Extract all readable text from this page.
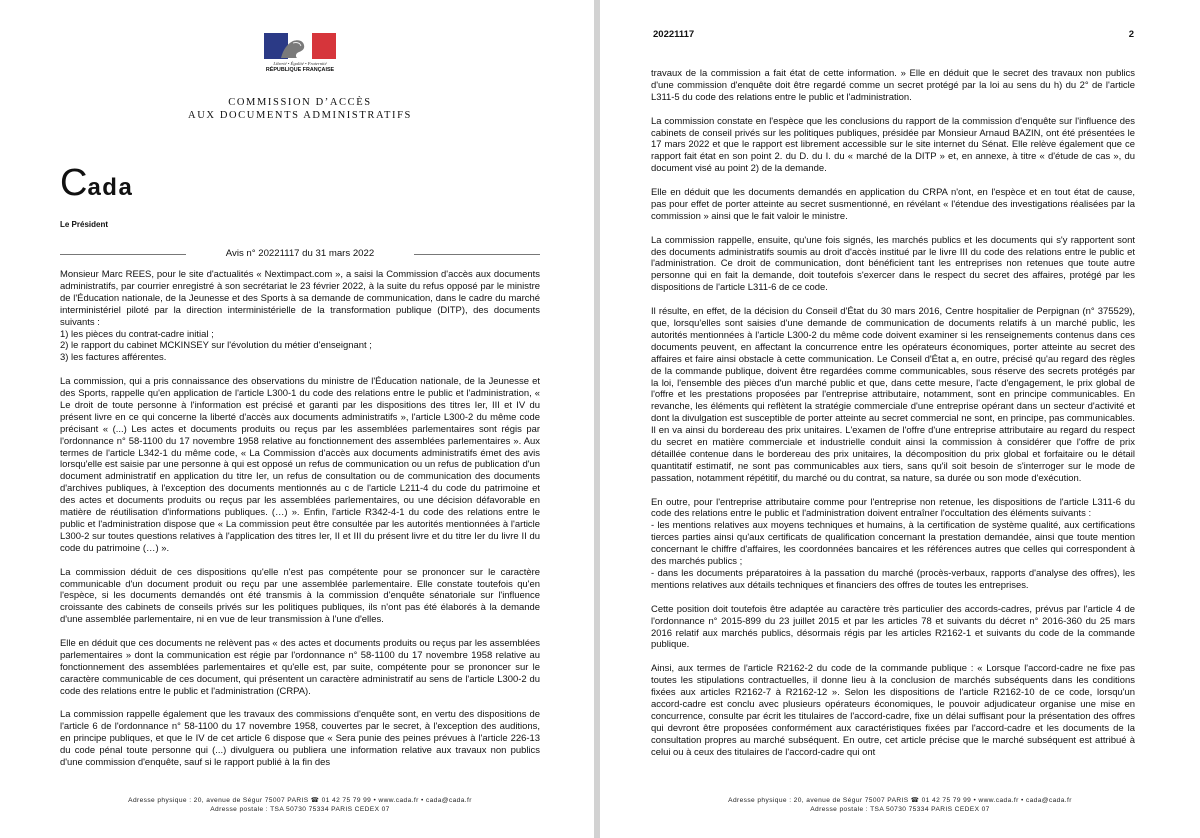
Liberté • Égalité • Fraternité
RÉPUBLIQUE FRANÇAISE
COMMISSION D’ACCÈS
AUX DOCUMENTS ADMINISTRATIFS
Cada
Le Président
Avis n° 20221117 du 31 mars 2022

Monsieur Marc REES, pour le site d'actualités « Nextimpact.com », a saisi la Commission d'accès aux documents administratifs, par courrier enregistré à son secrétariat le 23 février 2022, à la suite du refus opposé par le ministre de l'Éducation nationale, de la Jeunesse et des Sports à sa demande de communication, dans le cadre du marché interministériel piloté par la direction interministérielle de la transformation publique (DITP), des documents suivants :

1) les pièces du contrat-cadre initial ;

2) le rapport du cabinet MCKINSEY sur l'évolution du métier d'enseignant ;

3) les factures afférentes.

La commission, qui a pris connaissance des observations du ministre de l'Éducation nationale, de la Jeunesse et des Sports, rappelle qu'en application de l'article L300-1 du code des relations entre le public et l'administration, « Le droit de toute personne à l'information est précisé et garanti par les dispositions des titres Ier, III et IV du présent livre en ce qui concerne la liberté d'accès aux documents administratifs », l'article L300-2 du même code précisant « (...) Les actes et documents produits ou reçus par les assemblées parlementaires sont régis par l'ordonnance n° 58-1100 du 17 novembre 1958 relative au fonctionnement des assemblées parlementaires ». Aux termes de l'article L342-1 du même code, « La Commission d'accès aux documents administratifs émet des avis lorsqu'elle est saisie par une personne à qui est opposé un refus de communication ou un refus de publication d'un document administratif en application du titre Ier, un refus de consultation ou de communication des documents d'archives publiques, à l'exception des documents mentionnés au c de l'article L211-4 du code du patrimoine et des actes et documents produits ou reçus par les assemblées parlementaires, ou une décision défavorable en matière de réutilisation d'informations publiques. (…) ». Enfin, l'article R342-4-1 du code des relations entre le public et l'administration dispose que « La commission peut être consultée par les autorités mentionnées à l'article L300-2 sur toutes questions relatives à l'application des titres Ier, II et III du présent livre et du titre Ier du livre II du code du patrimoine (…) ».

La commission déduit de ces dispositions qu'elle n'est pas compétente pour se prononcer sur le caractère communicable d'un document produit ou reçu par une assemblée parlementaire. Elle constate toutefois qu'en l'espèce, si les documents demandés ont été transmis à la commission d'enquête sénatoriale sur l'influence croissante des cabinets de conseils privés sur les politiques publiques, ils n'ont pas été élaborés à la demande d'une assemblée parlementaire, ni en vue de leur transmission à l'une d'elles.

Elle en déduit que ces documents ne relèvent pas « des actes et documents produits ou reçus par les assemblées parlementaires » dont la communication est régie par l'ordonnance n° 58-1100 du 17 novembre 1958 relative au fonctionnement des assemblées parlementaires et qu'elle est, par suite, compétente pour se prononcer sur le caractère communicable de ces document, qui présentent un caractère administratif au sens de l'article L300-2 du code des relations entre le public et l'administration (CRPA).

La commission rappelle également que les travaux des commissions d'enquête sont, en vertu des dispositions de l'article 6 de l'ordonnance n° 58-1100 du 17 novembre 1958, couvertes par le secret, à l'exception des auditions, en principe publiques, et que le IV de cet article 6 dispose que « Sera punie des peines prévues à l'article 226-13 du code pénal toute personne qui (...) divulguera ou publiera une information relative aux travaux non publics d'une commission d'enquête, sauf si le rapport publié à la fin des

Adresse physique : 20, avenue de Ségur 75007 PARIS ☎ 01 42 75 79 99 • www.cada.fr • cada@cada.fr
Adresse postale : TSA 50730 75334 PARIS CEDEX 07
20221117	2

travaux de la commission a fait état de cette information. » Elle en déduit que le secret des travaux non publics d'une commission d'enquête doit être regardé comme un secret protégé par la loi au sens du h) du 2° de l'article L311-5 du code des relations entre le public et l'administration.

La commission constate en l'espèce que les conclusions du rapport de la commission d'enquête sur l'influence des cabinets de conseil privés sur les politiques publiques, présidée par Monsieur Arnaud BAZIN, ont été présentées le 17 mars 2022 et que le rapport est librement accessible sur le site internet du Sénat. Elle relève également que ce rapport fait état en son point 2. du D. du I. du « marché de la DITP » et, en annexe, à titre « d'étude de cas », du document visé au point 2) de la demande.

Elle en déduit que les documents demandés en application du CRPA n'ont, en l'espèce et en tout état de cause, pas pour effet de porter atteinte au secret susmentionné, en révélant « l'étendue des investigations réalisées par la commission » ainsi que le fait valoir le ministre.

La commission rappelle, ensuite, qu'une fois signés, les marchés publics et les documents qui s'y rapportent sont des documents administratifs soumis au droit d'accès institué par le livre III du code des relations entre le public et l'administration. Ce droit de communication, dont bénéficient tant les entreprises non retenues que toute autre personne qui en fait la demande, doit toutefois s'exercer dans le respect du secret des affaires, protégé par les dispositions de l'article L311-6 de ce code.

Il résulte, en effet, de la décision du Conseil d'État du 30 mars 2016, Centre hospitalier de Perpignan (n° 375529), que, lorsqu'elles sont saisies d'une demande de communication de documents relatifs à un marché public, les autorités mentionnées à l'article L300-2 du même code doivent examiner si les renseignements contenus dans ces documents peuvent, en affectant la concurrence entre les opérateurs économiques, porter atteinte au secret des affaires et faire ainsi obstacle à cette communication. Le Conseil d'État a, en outre, précisé qu'au regard des règles de la commande publique, doivent être regardées comme communicables, sous réserve des secrets protégés par la loi, l'ensemble des pièces d'un marché public et que, dans cette mesure, l'acte d'engagement, le prix global de l'offre et les prestations proposées par l'entreprise attributaire, notamment, sont en principe communicables. En revanche, les éléments qui reflètent la stratégie commerciale d'une entreprise opérant dans un secteur d'activité et dont la divulgation est susceptible de porter atteinte au secret commercial ne sont, en principe, pas communicables. Il en va ainsi du bordereau des prix unitaires. L'examen de l'offre d'une entreprise attributaire au regard du respect du secret en matière commerciale et industrielle conduit ainsi la commission à considérer que l'offre de prix détaillée contenue dans le bordereau des prix unitaires, la décomposition du prix global et forfaitaire ou le détail quantitatif estimatif, ne sont pas communicables aux tiers, sans qu'il soit besoin de s'interroger sur le mode de passation, notamment répétitif, du marché ou du contrat, sa nature, sa durée ou son mode d'exécution.

En outre, pour l'entreprise attributaire comme pour l'entreprise non retenue, les dispositions de l'article L311-6 du code des relations entre le public et l'administration doivent entraîner l'occultation des éléments suivants :

- les mentions relatives aux moyens techniques et humains, à la certification de système qualité, aux certifications tierces parties ainsi qu'aux certificats de qualification concernant la prestation demandée, ainsi que toute mention concernant le chiffre d'affaires, les coordonnées bancaires et les références autres que celles qui correspondent à des marchés publics ;

- dans les documents préparatoires à la passation du marché (procès-verbaux, rapports d'analyse des offres), les mentions relatives aux détails techniques et financiers des offres de toutes les entreprises.

Cette position doit toutefois être adaptée au caractère très particulier des accords-cadres, prévus par l'article 4 de l'ordonnance n° 2015-899 du 23 juillet 2015 et par les articles 78 et suivants du décret n° 2016-360 du 25 mars 2016 relatif aux marchés publics, désormais régis par les articles R2162-1 et suivants du code de la commande publique.

Ainsi, aux termes de l'article R2162-2 du code de la commande publique : « Lorsque l'accord-cadre ne fixe pas toutes les stipulations contractuelles, il donne lieu à la conclusion de marchés subséquents dans les conditions fixées aux articles R2162-7 à R2162-12 ». Selon les dispositions de l'article R2162-10 de ce code, lorsqu'un accord-cadre est conclu avec plusieurs opérateurs économiques, le pouvoir adjudicateur organise une mise en concurrence, consulte par écrit les titulaires de l'accord-cadre, fixe un délai suffisant pour la présentation des offres qui devront être proposées conformément aux caractéristiques fixées par l'accord-cadre et les documents de la consultation propres au marché subséquent. En outre, cet article précise que le marché subséquent est attribué à celui ou à ceux des titulaires de l'accord-cadre qui ont

Adresse physique : 20, avenue de Ségur 75007 PARIS ☎ 01 42 75 79 99 • www.cada.fr • cada@cada.fr
Adresse postale : TSA 50730 75334 PARIS CEDEX 07
